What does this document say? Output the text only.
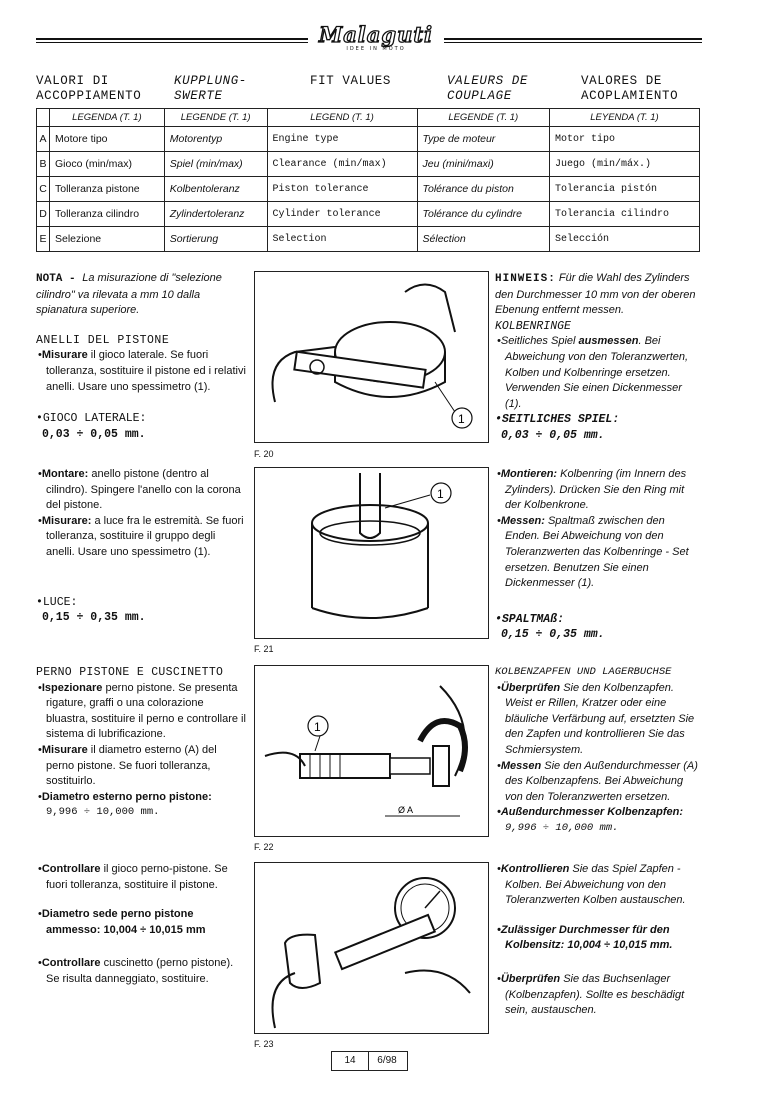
Malaguti
IDEE IN MOTO
VALORI DI
ACCOPPIAMENTO
KUPPLUNG-
SWERTE
FIT VALUES	VALEURS DE
COUPLAGE
VALORES DE
ACOPLAMIENTO
	LEGENDA (T. 1)	LEGENDE (T. 1)	LEGEND (T. 1)	LEGENDE (T. 1)	LEYENDA (T. 1)
A	Motore tipo	Motorentyp	Engine type	Type de moteur	Motor tipo
B	Gioco (min/max)	Spiel (min/max)	Clearance (min/max)	Jeu (mini/maxi)	Juego (min/máx.)
C	Tolleranza pistone	Kolbentoleranz	Piston tolerance	Tolérance du piston	Tolerancia pistón
D	Tolleranza cilindro	Zylindertoleranz	Cylinder tolerance	Tolérance du cylindre	Tolerancia cilindro
E	Selezione	Sortierung	Selection	Sélection	Selección

NOTA - La misurazione di "selezione cilindro" va rilevata a mm 10 dalla spianatura superiore.

ANELLI DEL PISTONE

•Misurare il gioco laterale. Se fuori tolleranza, sostituire il pistone ed i relativi anelli. Usare uno spessimetro (1).

•GIOCO LATERALE:

0,03 ÷ 0,05 mm.

•Montare: anello pistone (dentro al cilindro). Spingere l'anello con la corona del pistone.

•Misurare: a luce fra le estremità. Se fuori tolleranza, sostituire il gruppo degli anelli. Usare uno spessimetro (1).

•LUCE:

0,15 ÷ 0,35 mm.

PERNO PISTONE E CUSCINETTO

•Ispezionare perno pistone. Se presenta rigature, graffi o una colorazione bluastra, sostituire il perno e controllare il sistema di lubrificazione.

•Misurare il diametro esterno (A) del perno pistone. Se fuori tolleranza, sostituirlo.

•Diametro esterno perno pistone:

9,996 ÷ 10,000 mm.

•Controllare il gioco perno-pistone. Se fuori tolleranza, sostituire il pistone.

•Diametro sede perno pistone ammesso: 10,004 ÷ 10,015 mm

•Controllare cuscinetto (perno pistone). Se risulta danneggiato, sostituire.

1
F. 20
1
F. 21
1
Ø A
F. 22
F. 23

HINWEIS: Für die Wahl des Zylinders den Durchmesser 10 mm von der oberen Ebenung entfernt messen.

KOLBENRINGE

•Seitliches Spiel ausmessen. Bei Abweichung von den Toleranzwerten, Kolben und Kolbenringe ersetzen. Verwenden Sie einen Dickenmesser (1).

•SEITLICHES SPIEL:

0,03 ÷ 0,05 mm.

•Montieren: Kolbenring (im Innern des Zylinders). Drücken Sie den Ring mit der Kolbenkrone.

•Messen: Spaltmaß zwischen den Enden. Bei Abweichung von den Toleranzwerten das Kolbenringe - Set ersetzen. Benutzen Sie einen Dickenmesser (1).

•SPALTMAß:

0,15 ÷ 0,35 mm.

KOLBENZAPFEN UND LAGERBUCHSE

•Überprüfen Sie den Kolbenzapfen. Weist er Rillen, Kratzer oder eine bläuliche Verfärbung auf, ersetzten Sie den Zapfen und kontrollieren Sie das Schmiersystem.

•Messen Sie den Außendurchmesser (A) des Kolbenzapfens. Bei Abweichung von den Toleranzwerten ersetzen.

•Außendurchmesser Kolbenzapfen:

9,996 ÷ 10,000 mm.

•Kontrollieren Sie das Spiel Zapfen - Kolben. Bei Abweichung von den Toleranzwerten Kolben austauschen.

•Zulässiger Durchmesser für den Kolbensitz: 10,004 ÷ 10,015 mm.

•Überprüfen Sie das Buchsenlager (Kolbenzapfen). Sollte es beschädigt sein, austauschen.

14	6/98
